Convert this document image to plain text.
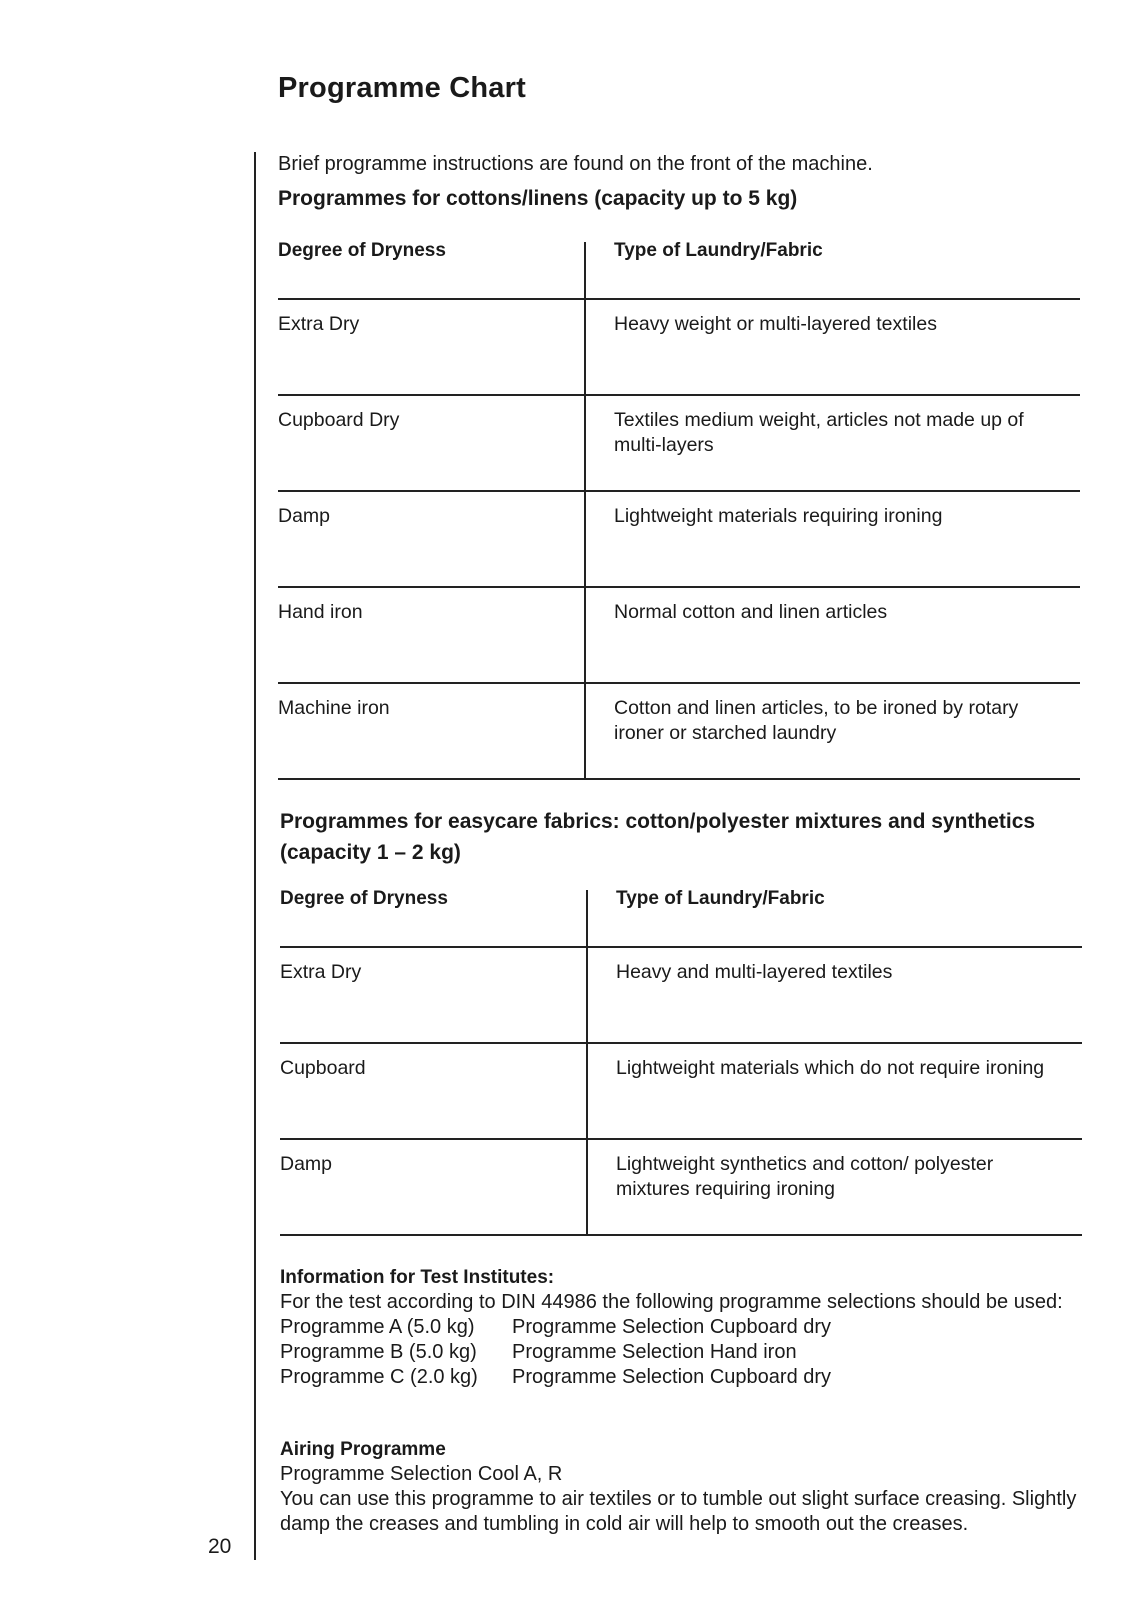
Programme Chart
20
Brief programme instructions are found on the front of the machine.
Programmes for cottons/linens (capacity up to 5 kg)
Degree of Dryness	Type of Laundry/Fabric
Extra Dry	Heavy weight or multi-layered textiles
Cupboard Dry	Textiles medium weight, articles not made up of multi-layers
Damp	Lightweight materials requiring ironing
Hand iron	Normal cotton and linen articles
Machine iron	Cotton and linen articles, to be ironed by rotary ironer or starched laundry
Programmes for easycare fabrics: cotton/polyester mixtures and synthetics (capacity 1 – 2 kg)
Degree of Dryness	Type of Laundry/Fabric
Extra Dry	Heavy and multi-layered textiles
Cupboard	Lightweight materials which do not require ironing
Damp	Lightweight synthetics and cotton/ polyester mixtures requiring ironing
Information for Test Institutes:
For the test according to DIN 44986 the following programme selections should be used:
Programme A (5.0 kg)	Programme Selection Cupboard dry
Programme B (5.0 kg)	Programme Selection Hand iron
Programme C (2.0 kg)	Programme Selection Cupboard dry
Airing Programme
Programme Selection Cool A, R
You can use this programme to air textiles or to tumble out slight surface creasing. Slightly damp the creases and tumbling in cold air will help to smooth out the creases.
